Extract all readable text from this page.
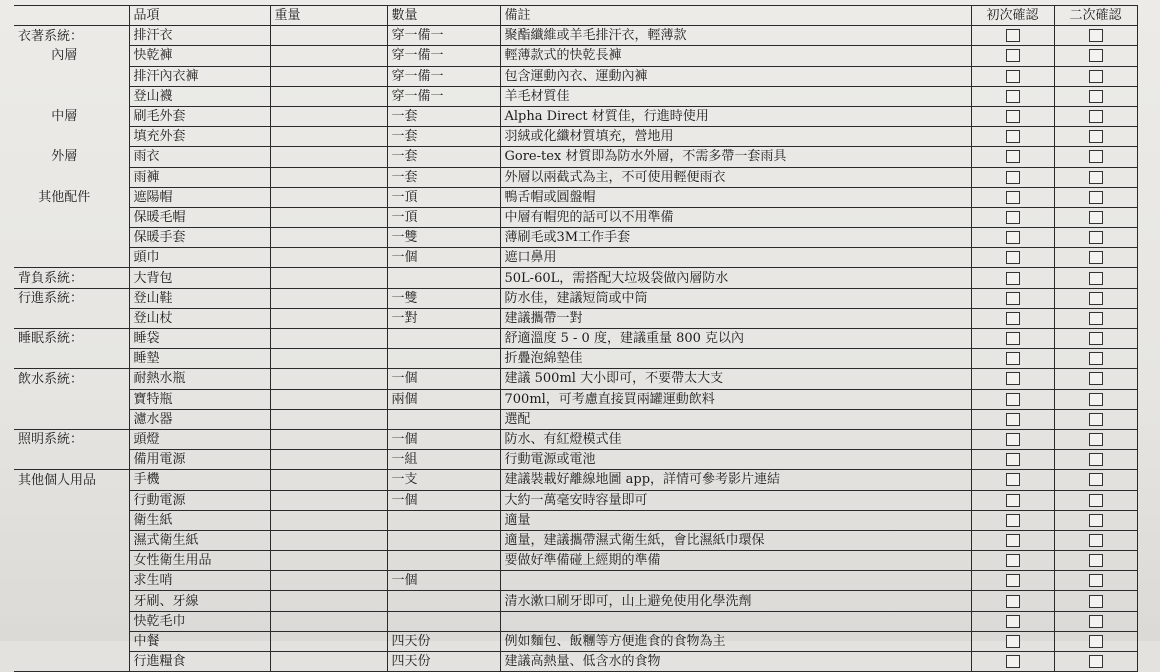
	品項	重量	數量	備註	初次確認	二次確認
衣著系統：	排汗衣		穿一備一	聚酯纖維或羊毛排汗衣，輕薄款		
內層	快乾褲		穿一備一	輕薄款式的快乾長褲		
	排汗內衣褲		穿一備一	包含運動內衣、運動內褲		
	登山襪		穿一備一	羊毛材質佳		
中層	刷毛外套		一套	Alpha Direct 材質佳，行進時使用		
	填充外套		一套	羽絨或化纖材質填充，營地用		
外層	雨衣		一套	Gore-tex 材質即為防水外層，不需多帶一套雨具		
	雨褲		一套	外層以兩截式為主，不可使用輕便雨衣		
其他配件	遮陽帽		一頂	鴨舌帽或圓盤帽		
	保暖毛帽		一頂	中層有帽兜的話可以不用準備		
	保暖手套		一雙	薄刷毛或3M工作手套		
	頭巾		一個	遮口鼻用		
背負系統：	大背包			50L-60L，需搭配大垃圾袋做內層防水		
行進系統：	登山鞋		一雙	防水佳，建議短筒或中筒		
	登山杖		一對	建議攜帶一對		
睡眠系統：	睡袋			舒適溫度 5 - 0 度，建議重量 800 克以內		
	睡墊			折疊泡綿墊佳		
飲水系統：	耐熱水瓶		一個	建議 500ml 大小即可，不要帶太大支		
	寶特瓶		兩個	700ml，可考慮直接買兩罐運動飲料		
	濾水器			選配		
照明系統：	頭燈		一個	防水、有紅燈模式佳		
	備用電源		一組	行動電源或電池		
其他個人用品	手機		一支	建議裝載好離線地圖 app，詳情可參考影片連結		
	行動電源		一個	大約一萬毫安時容量即可		
	衛生紙			適量		
	濕式衛生紙			適量，建議攜帶濕式衛生紙，會比濕紙巾環保		
	女性衛生用品			要做好準備碰上經期的準備		
	求生哨		一個			
	牙刷、牙線			清水漱口刷牙即可，山上避免使用化學洗劑		
	快乾毛巾					
	中餐		四天份	例如麵包、飯糰等方便進食的食物為主		
	行進糧食		四天份	建議高熱量、低含水的食物		
